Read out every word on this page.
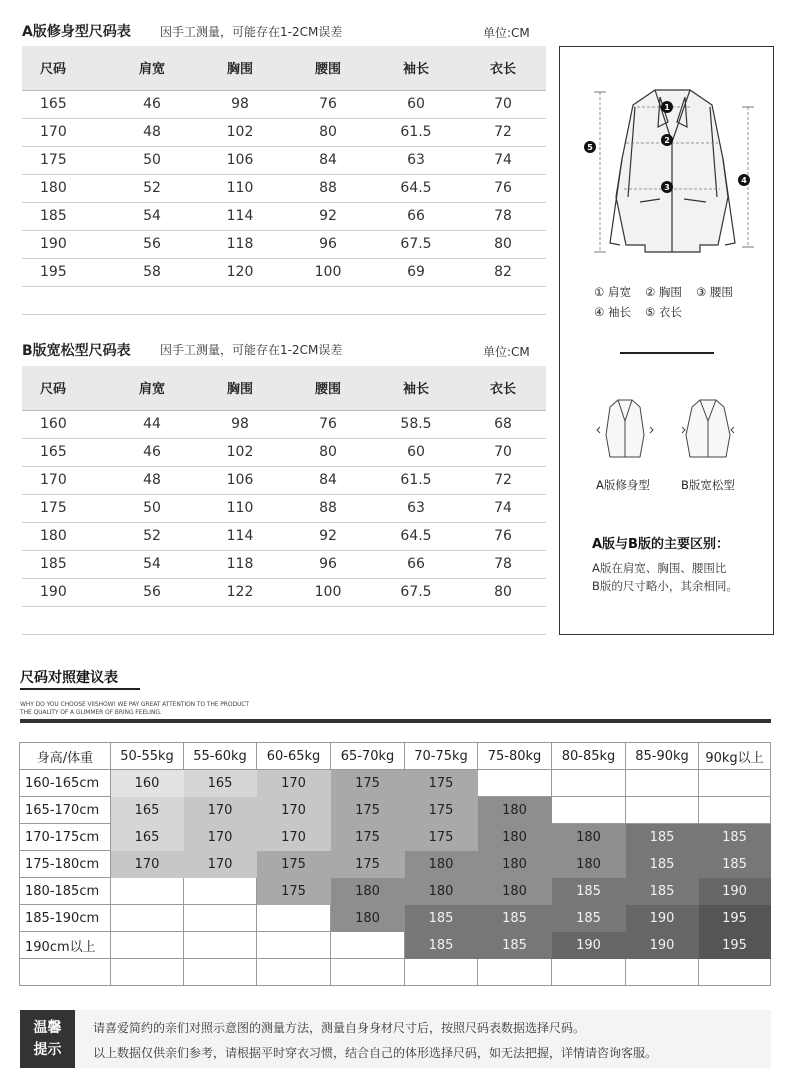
A版修身型尺码表 因手工测量，可能存在1-2CM误差	单位:CM
尺码	肩宽	胸围	腰围	袖长	衣长
165	46	98	76	60	70
170	48	102	80	61.5	72
175	50	106	84	63	74
180	52	110	88	64.5	76
185	54	114	92	66	78
190	56	118	96	67.5	80
195	58	120	100	69	82

B版宽松型尺码表 因手工测量，可能存在1-2CM误差	单位:CM
尺码	肩宽	胸围	腰围	袖长	衣长
160	44	98	76	58.5	68
165	46	102	80	60	70
170	48	106	84	61.5	72
175	50	110	88	63	74
180	52	114	92	64.5	76
185	54	118	96	66	78
190	56	122	100	67.5	80

1
2
3
4
5
① 肩宽 ② 胸围 ③ 腰围
④ 袖长 ⑤ 衣长
A版修身型	B版宽松型
A版与B版的主要区别：
A版在肩宽、胸围、腰围比
B版的尺寸略小，其余相同。
尺码对照建议表
WHY DO YOU CHOOSE VIISHOW! WE PAY GREAT ATTENTION TO THE PRODUCT
THE QUALITY OF A GLIMMER OF BRING FEELING.
身高/体重	50-55kg	55-60kg	60-65kg	65-70kg	70-75kg	75-80kg	80-85kg	85-90kg	90kg以上
160-165cm	160	165	170	175	175				
165-170cm	165	170	170	175	175	180			
170-175cm	165	170	170	175	175	180	180	185	185
175-180cm	170	170	175	175	180	180	180	185	185
180-185cm			175	180	180	180	185	185	190
185-190cm				180	185	185	185	190	195
190cm以上					185	185	190	190	195

温馨
提示
请喜爱简约的亲们对照示意图的测量方法，测量自身身材尺寸后，按照尺码表数据选择尺码。
以上数据仅供亲们参考，请根据平时穿衣习惯，结合自己的体形选择尺码，如无法把握，详情请咨询客服。
